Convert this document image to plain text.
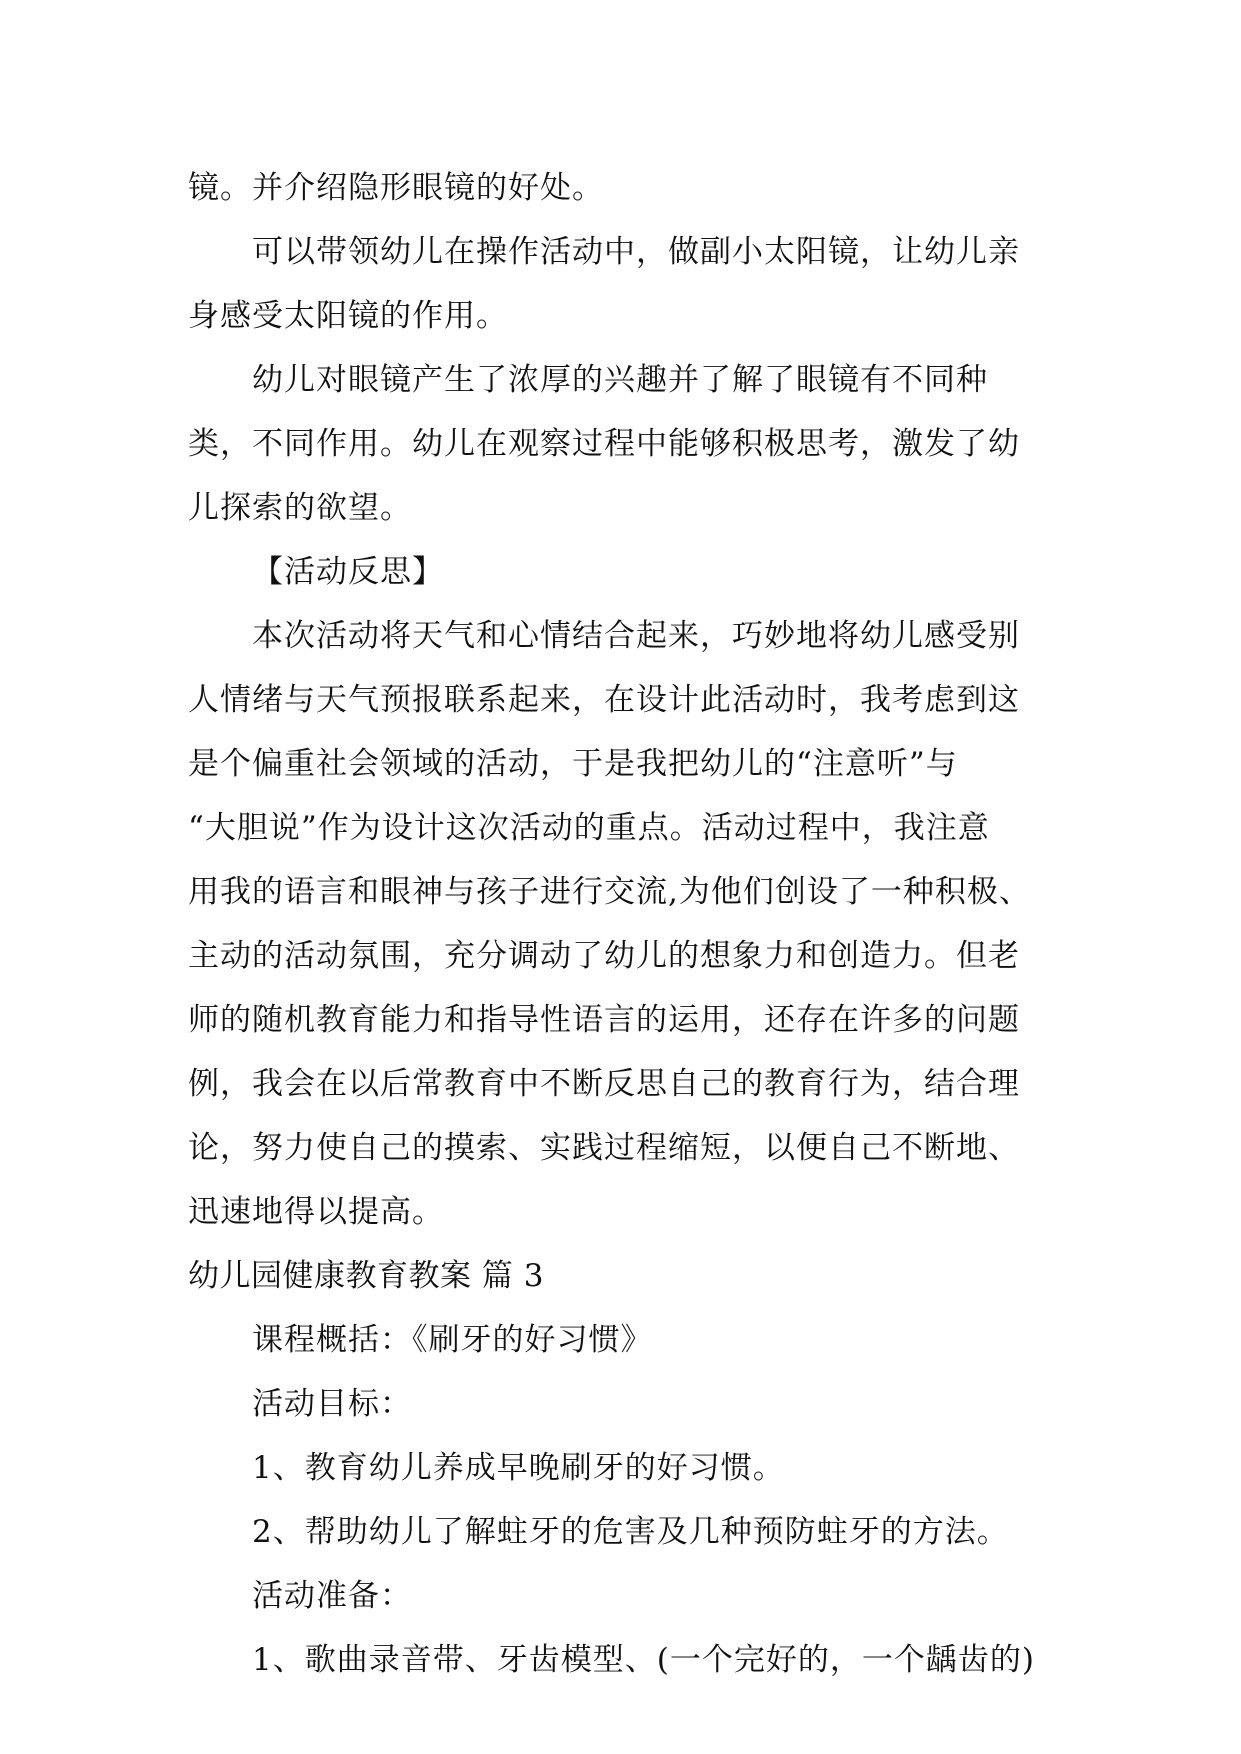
镜。并介绍隐形眼镜的好处。
可以带领幼儿在操作活动中，做副小太阳镜，让幼儿亲
身感受太阳镜的作用。
幼儿对眼镜产生了浓厚的兴趣并了解了眼镜有不同种
类，不同作用。幼儿在观察过程中能够积极思考，激发了幼
儿探索的欲望。
【活动反思】
本次活动将天气和心情结合起来，巧妙地将幼儿感受别
人情绪与天气预报联系起来，在设计此活动时，我考虑到这
是个偏重社会领域的活动，于是我把幼儿的“注意听”与
“大胆说”作为设计这次活动的重点。活动过程中，我注意
用我的语言和眼神与孩子进行交流,为他们创设了一种积极、
主动的活动氛围，充分调动了幼儿的想象力和创造力。但老
师的随机教育能力和指导性语言的运用，还存在许多的问题
例，我会在以后常教育中不断反思自己的教育行为，结合理
论，努力使自己的摸索、实践过程缩短，以便自己不断地、
迅速地得以提高。
幼儿园健康教育教案 篇 3
课程概括：《刷牙的好习惯》
活动目标：
1、教育幼儿养成早晚刷牙的好习惯。
2、帮助幼儿了解蛀牙的危害及几种预防蛀牙的方法。
活动准备：
1、歌曲录音带、牙齿模型、(一个完好的，一个龋齿的)
